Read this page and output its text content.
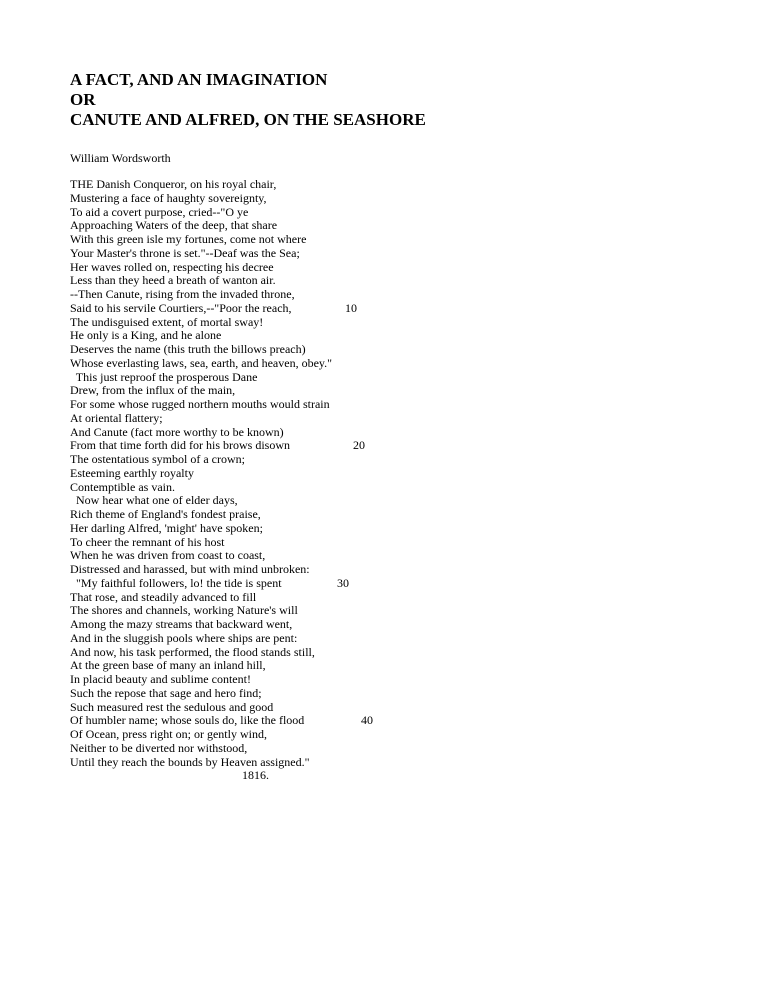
A FACT, AND AN IMAGINATION
OR
CANUTE AND ALFRED, ON THE SEASHORE
William Wordsworth
THE Danish Conqueror, on his royal chair,
Mustering a face of haughty sovereignty,
To aid a covert purpose, cried--"O ye
Approaching Waters of the deep, that share
With this green isle my fortunes, come not where
Your Master's throne is set."--Deaf was the Sea;
Her waves rolled on, respecting his decree
Less than they heed a breath of wanton air.
--Then Canute, rising from the invaded throne,
Said to his servile Courtiers,--"Poor the reach,	10
The undisguised extent, of mortal sway!
He only is a King, and he alone
Deserves the name (this truth the billows preach)
Whose everlasting laws, sea, earth, and heaven, obey."
This just reproof the prosperous Dane
Drew, from the influx of the main,
For some whose rugged northern mouths would strain
At oriental flattery;
And Canute (fact more worthy to be known)
From that time forth did for his brows disown	20
The ostentatious symbol of a crown;
Esteeming earthly royalty
Contemptible as vain.
Now hear what one of elder days,
Rich theme of England's fondest praise,
Her darling Alfred, 'might' have spoken;
To cheer the remnant of his host
When he was driven from coast to coast,
Distressed and harassed, but with mind unbroken:
"My faithful followers, lo! the tide is spent	30
That rose, and steadily advanced to fill
The shores and channels, working Nature's will
Among the mazy streams that backward went,
And in the sluggish pools where ships are pent:
And now, his task performed, the flood stands still,
At the green base of many an inland hill,
In placid beauty and sublime content!
Such the repose that sage and hero find;
Such measured rest the sedulous and good
Of humbler name; whose souls do, like the flood	40
Of Ocean, press right on; or gently wind,
Neither to be diverted nor withstood,
Until they reach the bounds by Heaven assigned."
1816.
